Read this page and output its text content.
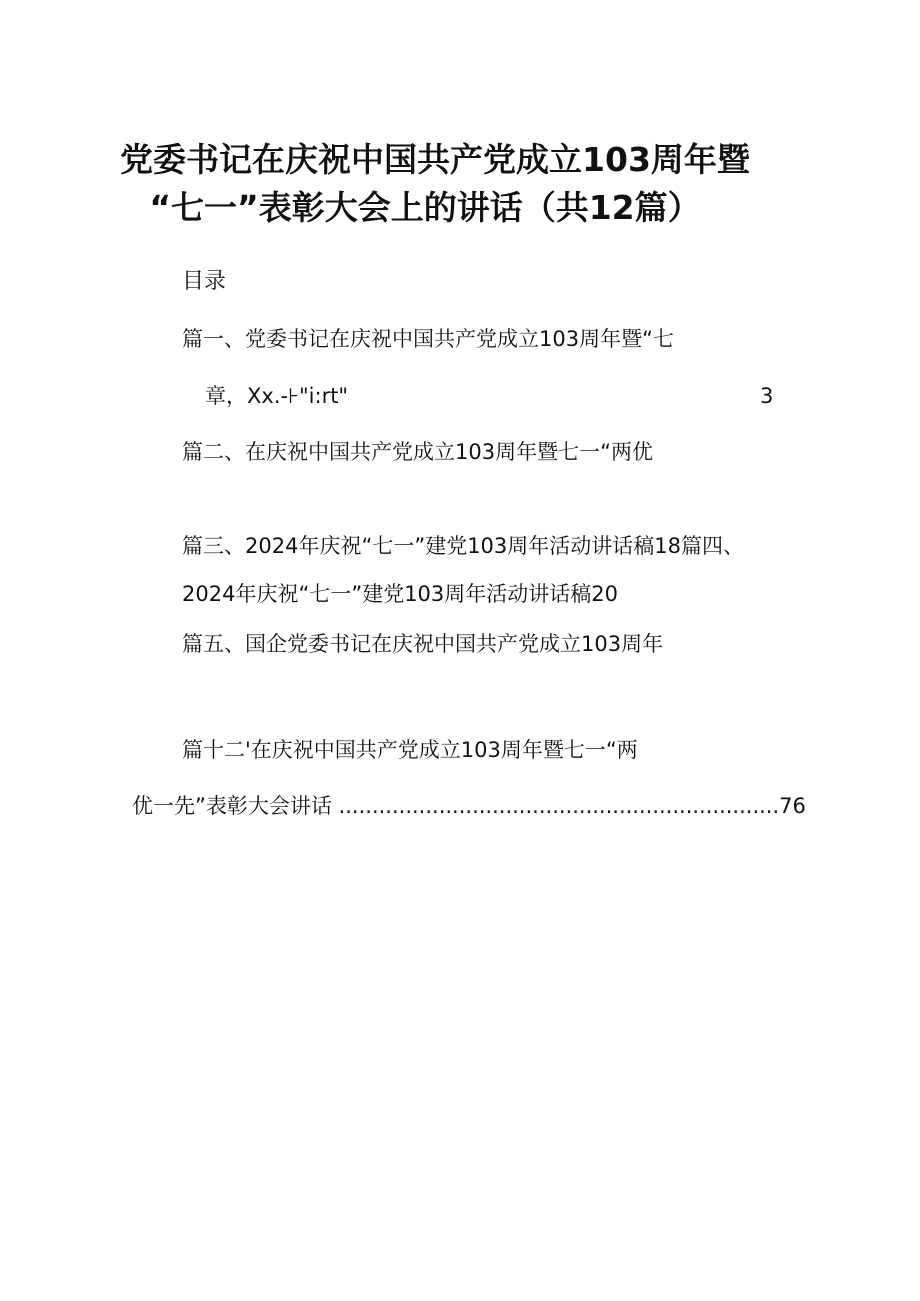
党委书记在庆祝中国共产党成立103周年暨
“七一”表彰大会上的讲话（共12篇）
目录
篇一、党委书记在庆祝中国共产党成立103周年暨“七
章，Xx.-⊦"i:rt"	3
篇二、在庆祝中国共产党成立103周年暨七一“两优
篇三、2024年庆祝“七一”建党103周年活动讲话稿18篇四、
2024年庆祝“七一”建党103周年活动讲话稿20
篇五、国企党委书记在庆祝中国共产党成立103周年
篇十二'在庆祝中国共产党成立103周年暨七一“两
优一先”表彰大会讲话 ..................................................................76
